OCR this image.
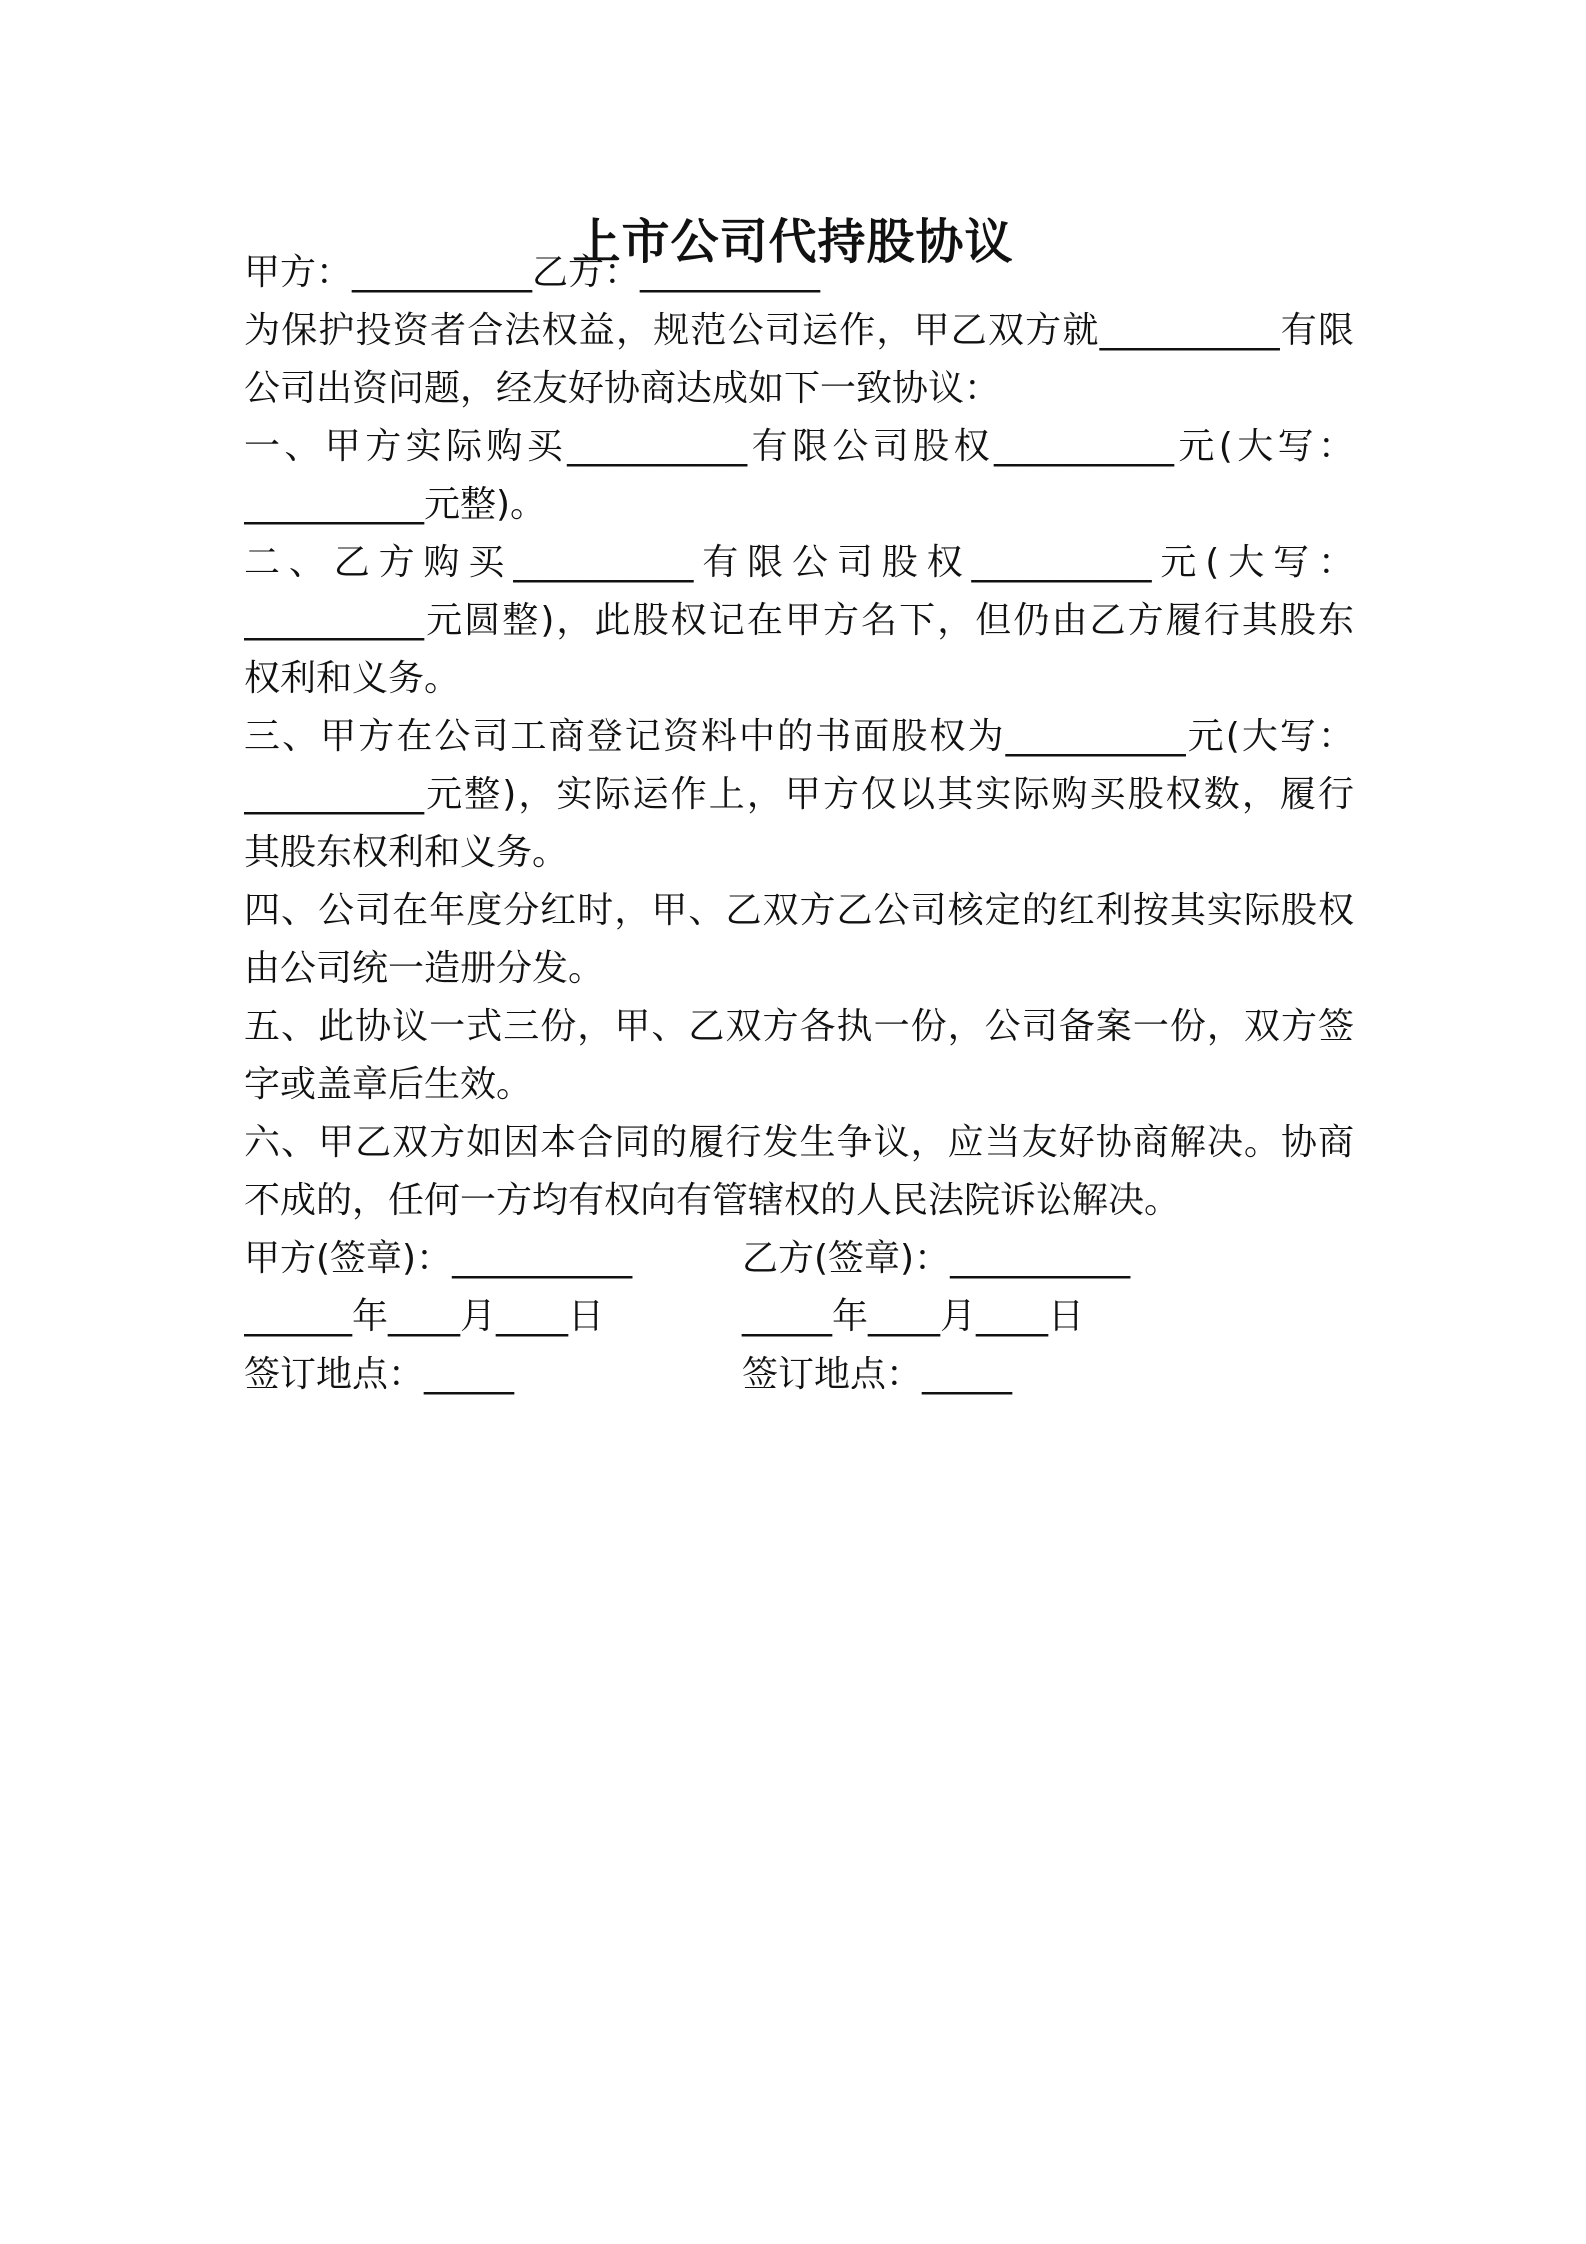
上市公司代持股协议
甲方：__________乙方：__________
为保护投资者合法权益，规范公司运作，甲乙双方就__________有限
公司出资问题，经友好协商达成如下一致协议：
一、甲方实际购买__________有限公司股权__________元(大写：
__________元整)。
二、乙方购买__________有限公司股权__________元(大写：
__________元圆整)，此股权记在甲方名下，但仍由乙方履行其股东
权利和义务。
三、甲方在公司工商登记资料中的书面股权为__________元(大写：
__________元整)，实际运作上，甲方仅以其实际购买股权数，履行
其股东权利和义务。
四、公司在年度分红时，甲、乙双方乙公司核定的红利按其实际股权
由公司统一造册分发。
五、此协议一式三份，甲、乙双方各执一份，公司备案一份，双方签
字或盖章后生效。
六、甲乙双方如因本合同的履行发生争议，应当友好协商解决。协商
不成的，任何一方均有权向有管辖权的人民法院诉讼解决。
甲方(签章)：__________	乙方(签章)：__________
______年____月____日	_____年____月____日
签订地点：_____	签订地点：_____
